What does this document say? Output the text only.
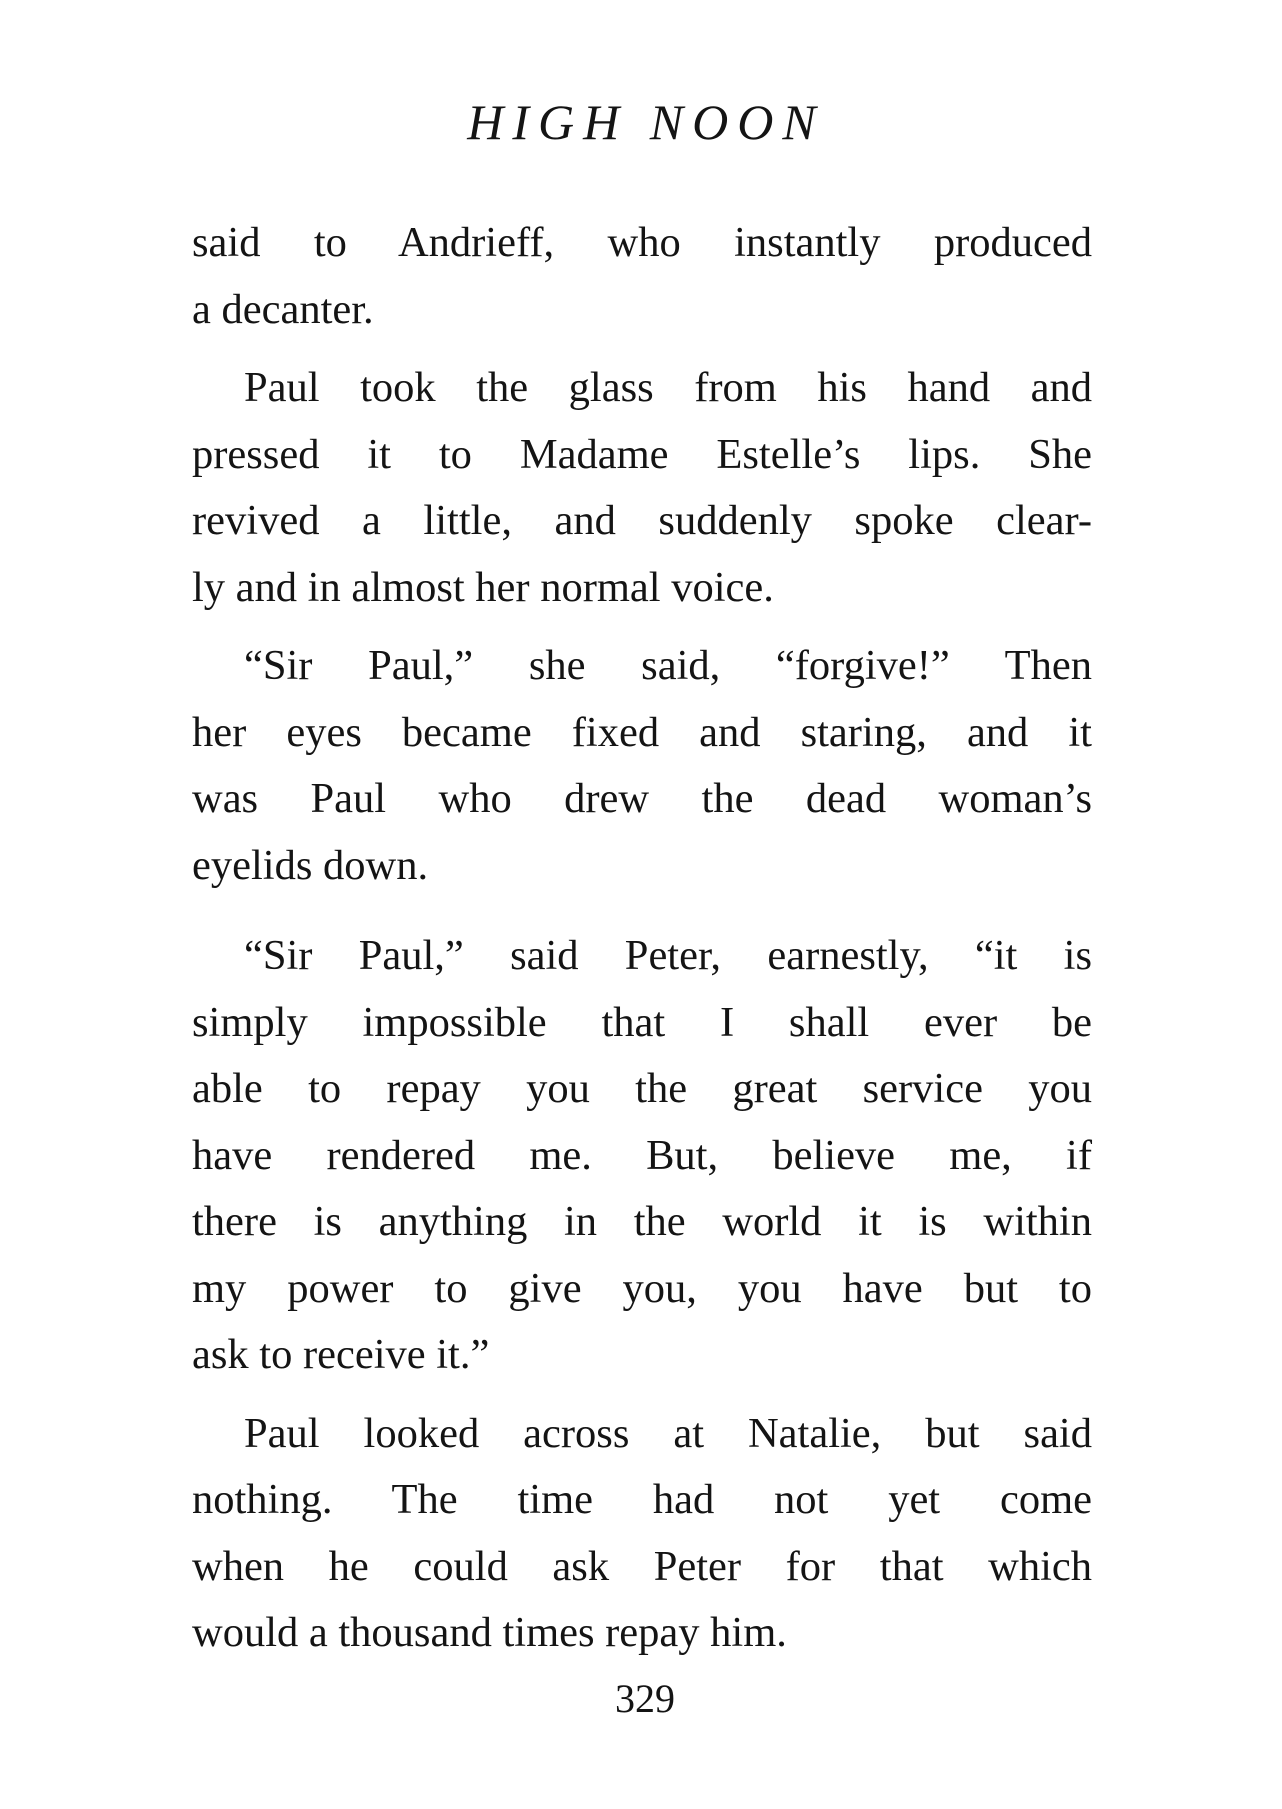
HIGH NOON
said to Andrieff, who instantly produced
a decanter.
Paul took the glass from his hand and
pressed it to Madame Estelle’s lips. She
revived a little, and suddenly spoke clear-
ly and in almost her normal voice.
“Sir Paul,” she said, “forgive!” Then
her eyes became fixed and staring, and it
was Paul who drew the dead woman’s
eyelids down.
“Sir Paul,” said Peter, earnestly, “it is
simply impossible that I shall ever be
able to repay you the great service you
have rendered me. But, believe me, if
there is anything in the world it is within
my power to give you, you have but to
ask to receive it.”
Paul looked across at Natalie, but said
nothing. The time had not yet come
when he could ask Peter for that which
would a thousand times repay him.
329
